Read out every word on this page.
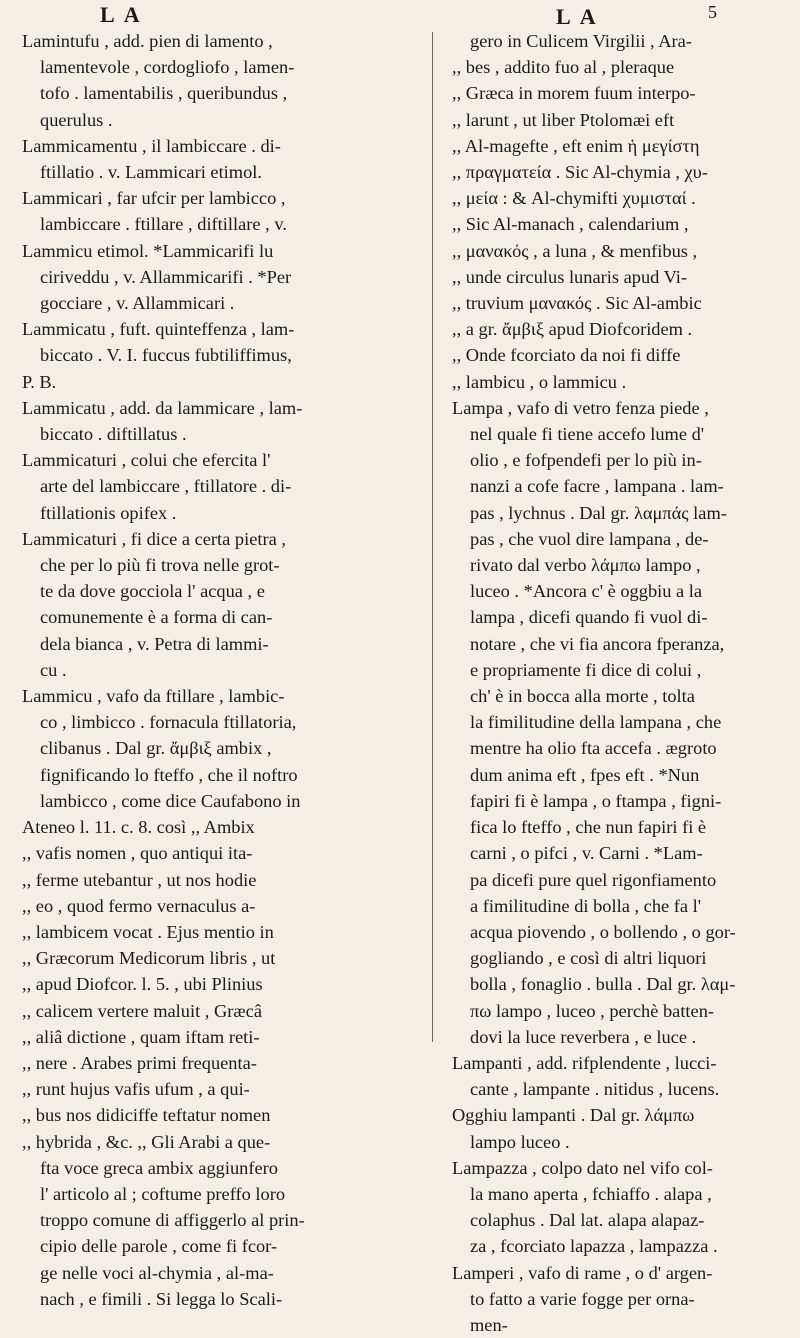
L A	L A	5
Lamintufu , add. pien di lamento ,
lamentevole , cordogliofo , lamen-
tofo . lamentabilis , queribundus ,
querulus .
Lammicamentu , il lambiccare . di-
ftillatio . v. Lammicari etimol.
Lammicari , far ufcir per lambicco ,
lambiccare . ftillare , diftillare , v.
Lammicu etimol. *Lammicarifi lu
ciriveddu , v. Allammicarifi . *Per
gocciare , v. Allammicari .
Lammicatu , fuft. quinteffenza , lam-
biccato . V. I. fuccus fubtiliffimus,
P. B.
Lammicatu , add. da lammicare , lam-
biccato . diftillatus .
Lammicaturi , colui che efercita l'
arte del lambiccare , ftillatore . di-
ftillationis opifex .
Lammicaturi , fi dice a certa pietra ,
che per lo più fi trova nelle grot-
te da dove gocciola l' acqua , e
comunemente è a forma di can-
dela bianca , v. Petra di lammi-
cu .
Lammicu , vafo da ftillare , lambic-
co , limbicco . fornacula ftillatoria,
clibanus . Dal gr. ἄμβιξ ambix ,
fignificando lo fteffo , che il noftro
lambicco , come dice Caufabono in
Ateneo l. 11. c. 8. così ,, Ambix
,, vafis nomen , quo antiqui ita-
,, ferme utebantur , ut nos hodie
,, eo , quod fermo vernaculus a-
,, lambicem vocat . Ejus mentio in
,, Græcorum Medicorum libris , ut
,, apud Diofcor. l. 5. , ubi Plinius
,, calicem vertere maluit , Græcâ
,, aliâ dictione , quam iftam reti-
,, nere . Arabes primi frequenta-
,, runt hujus vafis ufum , a qui-
,, bus nos didiciffe teftatur nomen
,, hybrida , &c. ,, Gli Arabi a que-
fta voce greca ambix aggiunfero
l' articolo al ; coftume preffo loro
troppo comune di affiggerlo al prin-
cipio delle parole , come fi fcor-
ge nelle voci al-chymia , al-ma-
nach , e fimili . Si legga lo Scali-
gero in Culicem Virgilii , Ara-
,, bes , addito fuo al , pleraque
,, Græca in morem fuum interpo-
,, larunt , ut liber Ptolomæi eft
,, Al-magefte , eft enim ἡ μεγίστη
,, πραγματεία . Sic Al-chymia , χυ-
,, μεία : & Al-chymifti χυμισταί .
,, Sic Al-manach , calendarium ,
,, μανακός , a luna , & menfibus ,
,, unde circulus lunaris apud Vi-
,, truvium μανακός . Sic Al-ambic
,, a gr. ἄμβιξ apud Diofcoridem .
,, Onde fcorciato da noi fi diffe
,, lambicu , o lammicu .
Lampa , vafo di vetro fenza piede ,
nel quale fi tiene accefo lume d'
olio , e fofpendefi per lo più in-
nanzi a cofe facre , lampana . lam-
pas , lychnus . Dal gr. λαμπάς lam-
pas , che vuol dire lampana , de-
rivato dal verbo λάμπω lampo ,
luceo . *Ancora c' è oggbiu a la
lampa , dicefi quando fi vuol di-
notare , che vi fia ancora fperanza,
e propriamente fi dice di colui ,
ch' è in bocca alla morte , tolta
la fimilitudine della lampana , che
mentre ha olio fta accefa . ægroto
dum anima eft , fpes eft . *Nun
fapiri fi è lampa , o ftampa , figni-
fica lo fteffo , che nun fapiri fi è
carni , o pifci , v. Carni . *Lam-
pa dicefi pure quel rigonfiamento
a fimilitudine di bolla , che fa l'
acqua piovendo , o bollendo , o gor-
gogliando , e così di altri liquori
bolla , fonaglio . bulla . Dal gr. λαμ-
πω lampo , luceo , perchè batten-
dovi la luce reverbera , e luce .
Lampanti , add. rifplendente , lucci-
cante , lampante . nitidus , lucens.
Ogghiu lampanti . Dal gr. λάμπω
lampo luceo .
Lampazza , colpo dato nel vifo col-
la mano aperta , fchiaffo . alapa ,
colaphus . Dal lat. alapa alapaz-
za , fcorciato lapazza , lampazza .
Lamperi , vafo di rame , o d' argen-
to fatto a varie fogge per orna-
men-
